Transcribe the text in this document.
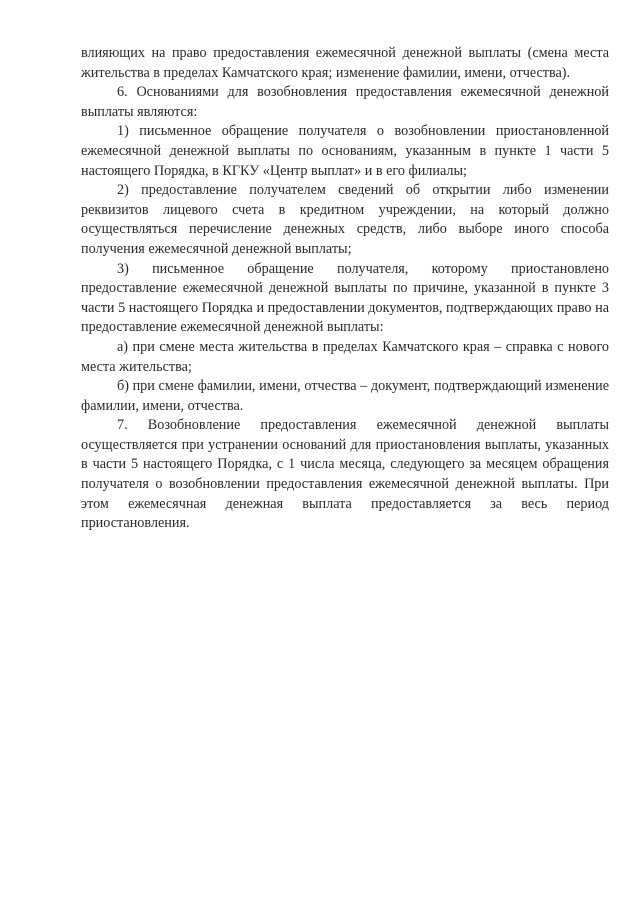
влияющих на право предоставления ежемесячной денежной выплаты (смена места жительства в пределах Камчатского края; изменение фамилии, имени, отчества).

6. Основаниями для возобновления предоставления ежемесячной денежной выплаты являются:

1) письменное обращение получателя о возобновлении приостановленной ежемесячной денежной выплаты по основаниям, указанным в пункте 1 части 5 настоящего Порядка, в КГКУ «Центр выплат» и в его филиалы;

2) предоставление получателем сведений об открытии либо изменении реквизитов лицевого счета в кредитном учреждении, на который должно осуществляться перечисление денежных средств, либо выборе иного способа получения ежемесячной денежной выплаты;

3) письменное обращение получателя, которому приостановлено предоставление ежемесячной денежной выплаты по причине, указанной в пункте 3 части 5 настоящего Порядка и предоставлении документов, подтверждающих право на предоставление ежемесячной денежной выплаты:

а) при смене места жительства в пределах Камчатского края – справка с нового места жительства;

б) при смене фамилии, имени, отчества – документ, подтверждающий изменение фамилии, имени, отчества.

7. Возобновление предоставления ежемесячной денежной выплаты осуществляется при устранении оснований для приостановления выплаты, указанных в части 5 настоящего Порядка, с 1 числа месяца, следующего за месяцем обращения получателя о возобновлении предоставления ежемесячной денежной выплаты. При этом ежемесячная денежная выплата предоставляется за весь период приостановления.
